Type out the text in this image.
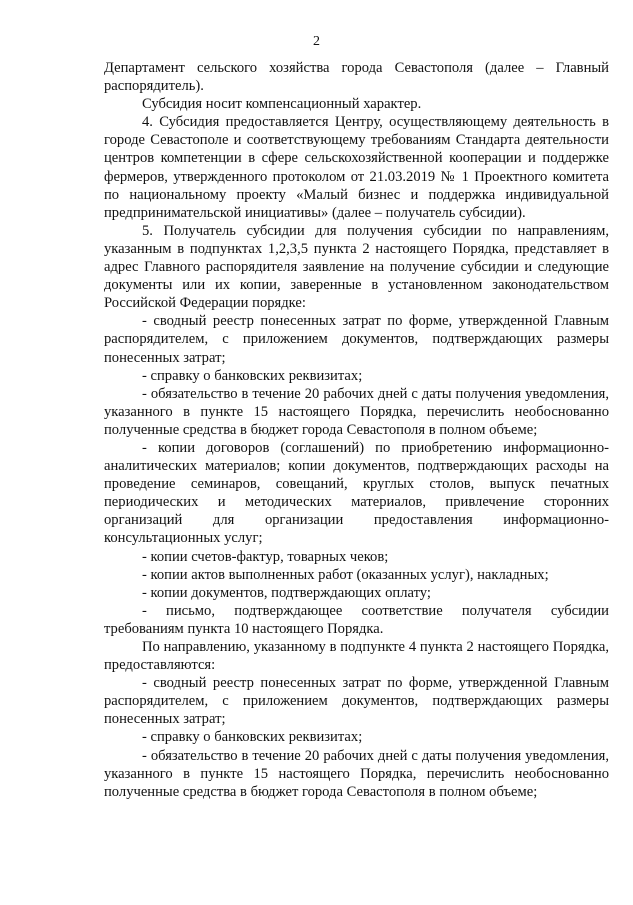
2

Департамент сельского хозяйства города Севастополя (далее – Главный распорядитель).

Субсидия носит компенсационный характер.

4. Субсидия предоставляется Центру, осуществляющему деятельность в городе Севастополе и соответствующему требованиям Стандарта деятельности центров компетенции в сфере сельскохозяйственной кооперации и поддержке фермеров, утвержденного протоколом от 21.03.2019 № 1 Проектного комитета по национальному проекту «Малый бизнес и поддержка индивидуальной предпринимательской инициативы» (далее – получатель субсидии).

5. Получатель субсидии для получения субсидии по направлениям, указанным в подпунктах 1,2,3,5 пункта 2 настоящего Порядка, представляет в адрес Главного распорядителя заявление на получение субсидии и следующие документы или их копии, заверенные в установленном законодательством Российской Федерации порядке:

- сводный реестр понесенных затрат по форме, утвержденной Главным распорядителем, с приложением документов, подтверждающих размеры понесенных затрат;

- справку о банковских реквизитах;

- обязательство в течение 20 рабочих дней с даты получения уведомления, указанного в пункте 15 настоящего Порядка, перечислить необоснованно полученные средства в бюджет города Севастополя в полном объеме;

- копии договоров (соглашений) по приобретению информационно-аналитических материалов; копии документов, подтверждающих расходы на проведение семинаров, совещаний, круглых столов, выпуск печатных периодических и методических материалов, привлечение сторонних организаций для организации предоставления информационно-консультационных услуг;

- копии счетов-фактур, товарных чеков;

- копии актов выполненных работ (оказанных услуг), накладных;

- копии документов, подтверждающих оплату;

- письмо, подтверждающее соответствие получателя субсидии требованиям пункта 10 настоящего Порядка.

По направлению, указанному в подпункте 4 пункта 2 настоящего Порядка, предоставляются:

- сводный реестр понесенных затрат по форме, утвержденной Главным распорядителем, с приложением документов, подтверждающих размеры понесенных затрат;

- справку о банковских реквизитах;

- обязательство в течение 20 рабочих дней с даты получения уведомления, указанного в пункте 15 настоящего Порядка, перечислить необоснованно полученные средства в бюджет города Севастополя в полном объеме;
